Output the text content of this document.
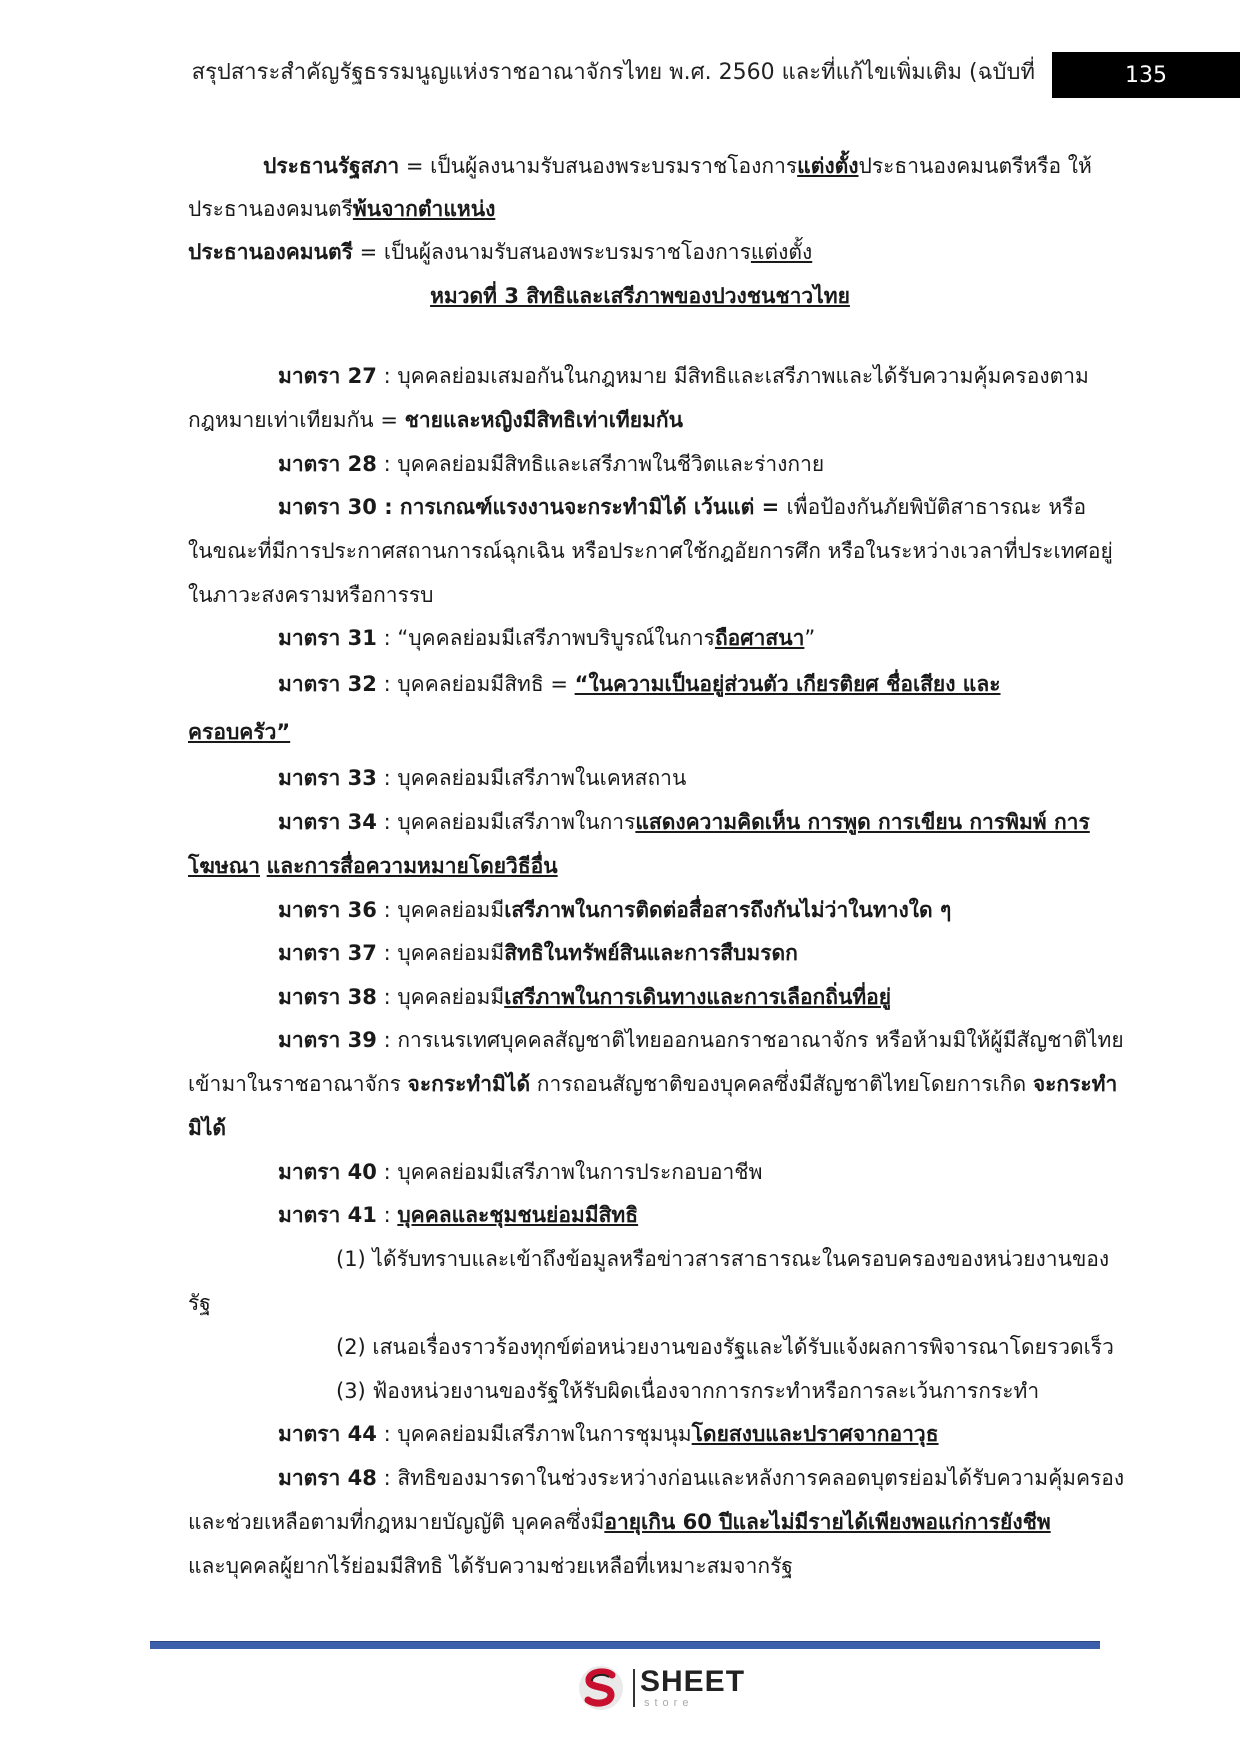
สรุปสาระสำคัญรัฐธรรมนูญแห่งราชอาณาจักรไทย พ.ศ. 2560 และที่แก้ไขเพิ่มเติม (ฉบับที่	135
ประธานรัฐสภา = เป็นผู้ลงนามรับสนองพระบรมราชโองการแต่งตั้งประธานองคมนตรีหรือ ให้
ประธานองคมนตรีพ้นจากตำแหน่ง
ประธานองคมนตรี = เป็นผู้ลงนามรับสนองพระบรมราชโองการแต่งตั้ง
หมวดที่ 3 สิทธิและเสรีภาพของปวงชนชาวไทย
มาตรา 27 : บุคคลย่อมเสมอกันในกฎหมาย มีสิทธิและเสรีภาพและได้รับความคุ้มครองตาม
กฎหมายเท่าเทียมกัน = ชายและหญิงมีสิทธิเท่าเทียมกัน
มาตรา 28 : บุคคลย่อมมีสิทธิและเสรีภาพในชีวิตและร่างกาย
มาตรา 30 : การเกณฑ์แรงงานจะกระทำมิได้ เว้นแต่ = เพื่อป้องกันภัยพิบัติสาธารณะ หรือ
ในขณะที่มีการประกาศสถานการณ์ฉุกเฉิน หรือประกาศใช้กฎอัยการศึก หรือในระหว่างเวลาที่ประเทศอยู่
ในภาวะสงครามหรือการรบ
มาตรา 31 : “บุคคลย่อมมีเสรีภาพบริบูรณ์ในการถือศาสนา”
มาตรา 32 : บุคคลย่อมมีสิทธิ = “ในความเป็นอยู่ส่วนตัว เกียรติยศ ชื่อเสียง และ
ครอบครัว”
มาตรา 33 : บุคคลย่อมมีเสรีภาพในเคหสถาน
มาตรา 34 : บุคคลย่อมมีเสรีภาพในการแสดงความคิดเห็น การพูด การเขียน การพิมพ์ การ
โฆษณา และการสื่อความหมายโดยวิธีอื่น
มาตรา 36 : บุคคลย่อมมีเสรีภาพในการติดต่อสื่อสารถึงกันไม่ว่าในทางใด ๆ
มาตรา 37 : บุคคลย่อมมีสิทธิในทรัพย์สินและการสืบมรดก
มาตรา 38 : บุคคลย่อมมีเสรีภาพในการเดินทางและการเลือกถิ่นที่อยู่
มาตรา 39 : การเนรเทศบุคคลสัญชาติไทยออกนอกราชอาณาจักร หรือห้ามมิให้ผู้มีสัญชาติไทย
เข้ามาในราชอาณาจักร จะกระทำมิได้ การถอนสัญชาติของบุคคลซึ่งมีสัญชาติไทยโดยการเกิด จะกระทำ
มิได้
มาตรา 40 : บุคคลย่อมมีเสรีภาพในการประกอบอาชีพ
มาตรา 41 : บุคคลและชุมชนย่อมมีสิทธิ
(1) ได้รับทราบและเข้าถึงข้อมูลหรือข่าวสารสาธารณะในครอบครองของหน่วยงานของ
รัฐ
(2) เสนอเรื่องราวร้องทุกข์ต่อหน่วยงานของรัฐและได้รับแจ้งผลการพิจารณาโดยรวดเร็ว
(3) ฟ้องหน่วยงานของรัฐให้รับผิดเนื่องจากการกระทำหรือการละเว้นการกระทำ
มาตรา 44 : บุคคลย่อมมีเสรีภาพในการชุมนุมโดยสงบและปราศจากอาวุธ
มาตรา 48 : สิทธิของมารดาในช่วงระหว่างก่อนและหลังการคลอดบุตรย่อมได้รับความคุ้มครอง
และช่วยเหลือตามที่กฎหมายบัญญัติ บุคคลซึ่งมีอายุเกิน 60 ปีและไม่มีรายได้เพียงพอแก่การยังชีพ
และบุคคลผู้ยากไร้ย่อมมีสิทธิ ได้รับความช่วยเหลือที่เหมาะสมจากรัฐ
SHEET
store
